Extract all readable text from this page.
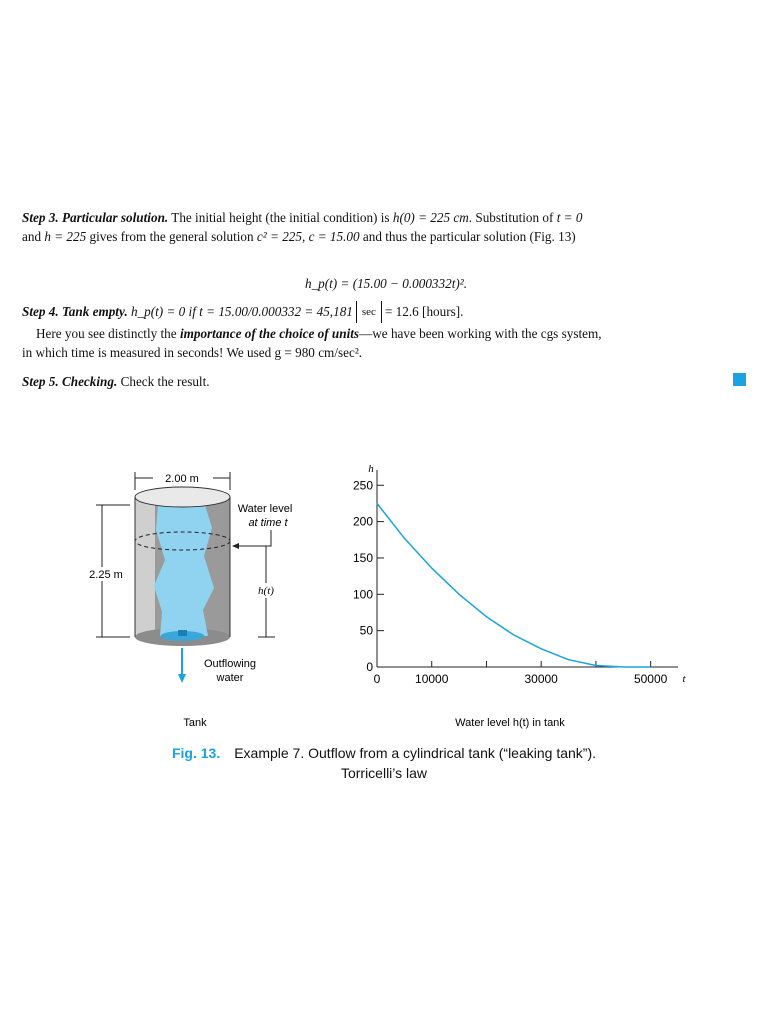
Step 3. Particular solution. The initial height (the initial condition) is h(0) = 225 cm. Substitution of t = 0

and h = 225 gives from the general solution c² = 225, c = 15.00 and thus the particular solution (Fig. 13)

h_p(t) = (15.00 − 0.000332t)².

Step 4. Tank empty. h_p(t) = 0 if t = 15.00/0.000332 = 45,181 sec = 12.6 [hours].

Here you see distinctly the importance of the choice of units—we have been working with the cgs system,

in which time is measured in seconds! We used g = 980 cm/sec².

Step 5. Checking. Check the result.

2.00 m
2.25 m
Water level
at time t
h(t)
Outflowing
water
Tank
0
50
100
150
200
250
0	10000	30000	50000
h
t
Water level h(t) in tank
Fig. 13. Example 7. Outflow from a cylindrical tank (“leaking tank”).
Torricelli’s law
